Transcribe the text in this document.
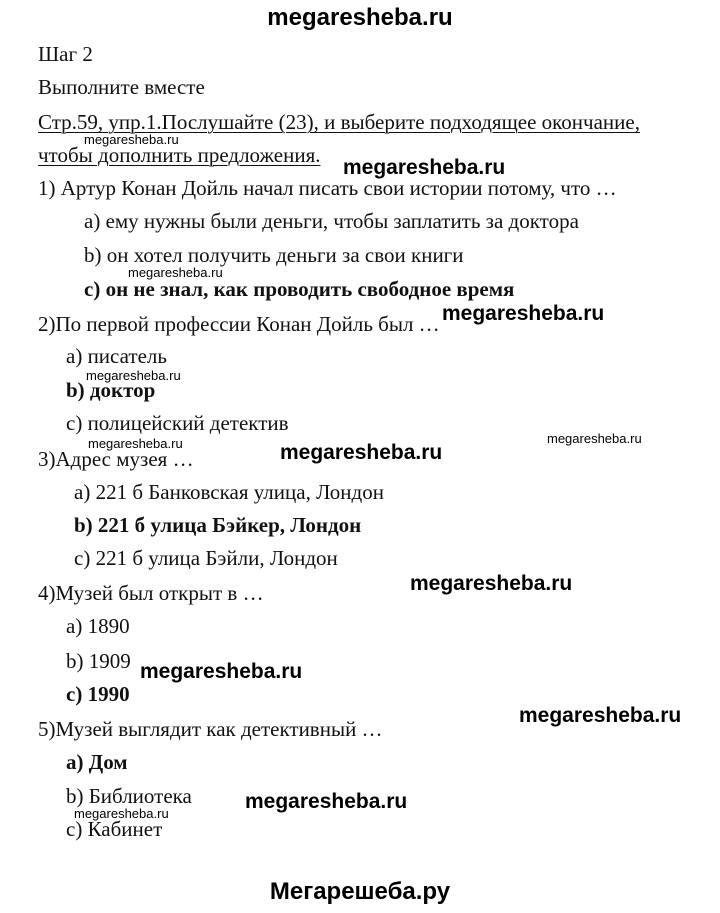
megaresheba.ru
Шаг 2
Выполните вместе
Стр.59, упр.1.Послушайте (23), и выберите подходящее окончание,
чтобы дополнить предложения.
1) Артур Конан Дойль начал писать свои истории потому, что …
a) ему нужны были деньги, чтобы заплатить за доктора
b) он хотел получить деньги за свои книги
c) он не знал, как проводить свободное время
2)По первой профессии Конан Дойль был …
a) писатель
b) доктор
c) полицейский детектив
3)Адрес музея …
a) 221 б Банковская улица, Лондон
b) 221 б улица Бэйкер, Лондон
c) 221 б улица Бэйли, Лондон
4)Музей был открыт в …
a) 1890
b) 1909
c) 1990
5)Музей выглядит как детективный …
a) Дом
b) Библиотека
c) Кабинет
megaresheba.ru
megaresheba.ru
megaresheba.ru
megaresheba.ru
megaresheba.ru
megaresheba.ru
megaresheba.ru	megaresheba.ru
megaresheba.ru
megaresheba.ru
megaresheba.ru
megaresheba.ru
megaresheba.ru
Мегарешеба.ру
